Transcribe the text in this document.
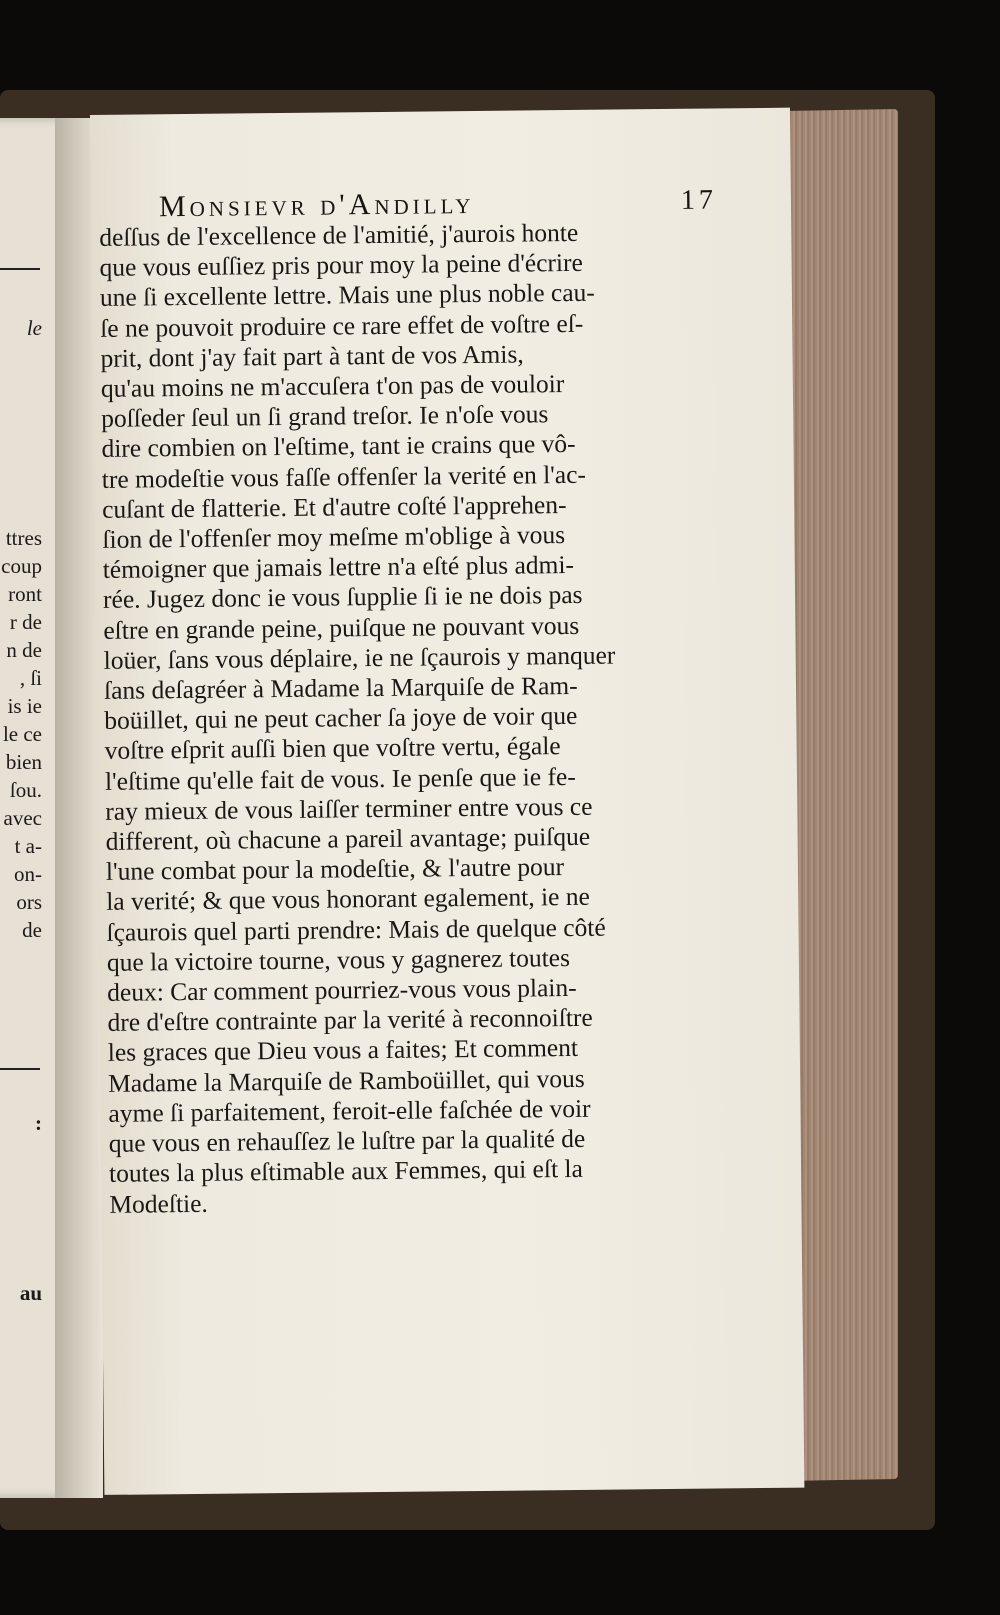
le
ttres
coup
ront
r de
n de
, ſi
is ie
le ce
bien
ſou.
avec
t a-
on-
ors
de
:
au
Monsievr d'Andilly	17
deſſus de l'excellence de l'amitié, j'aurois honte
que vous euſſiez pris pour moy la peine d'écrire
une ſi excellente lettre. Mais une plus noble cau-
ſe ne pouvoit produire ce rare effet de voſtre eſ-
prit, dont j'ay fait part à tant de vos Amis,
qu'au moins ne m'accuſera t'on pas de vouloir
poſſeder ſeul un ſi grand treſor. Ie n'oſe vous
dire combien on l'eſtime, tant ie crains que vô-
tre modeſtie vous faſſe offenſer la verité en l'ac-
cuſant de flatterie. Et d'autre coſté l'apprehen-
ſion de l'offenſer moy meſme m'oblige à vous
témoigner que jamais lettre n'a eſté plus admi-
rée. Jugez donc ie vous ſupplie ſi ie ne dois pas
eſtre en grande peine, puiſque ne pouvant vous
loüer, ſans vous déplaire, ie ne ſçaurois y manquer
ſans deſagréer à Madame la Marquiſe de Ram-
boüillet, qui ne peut cacher ſa joye de voir que
voſtre eſprit auſſi bien que voſtre vertu, égale
l'eſtime qu'elle fait de vous. Ie penſe que ie fe-
ray mieux de vous laiſſer terminer entre vous ce
different, où chacune a pareil avantage; puiſque
l'une combat pour la modeſtie, & l'autre pour
la verité; & que vous honorant egalement, ie ne
ſçaurois quel parti prendre: Mais de quelque côté
que la victoire tourne, vous y gagnerez toutes
deux: Car comment pourriez-vous vous plain-
dre d'eſtre contrainte par la verité à reconnoiſtre
les graces que Dieu vous a faites; Et comment
Madame la Marquiſe de Ramboüillet, qui vous
ayme ſi parfaitement, feroit-elle faſchée de voir
que vous en rehauſſez le luſtre par la qualité de
toutes la plus eſtimable aux Femmes, qui eſt la
Modeſtie.
